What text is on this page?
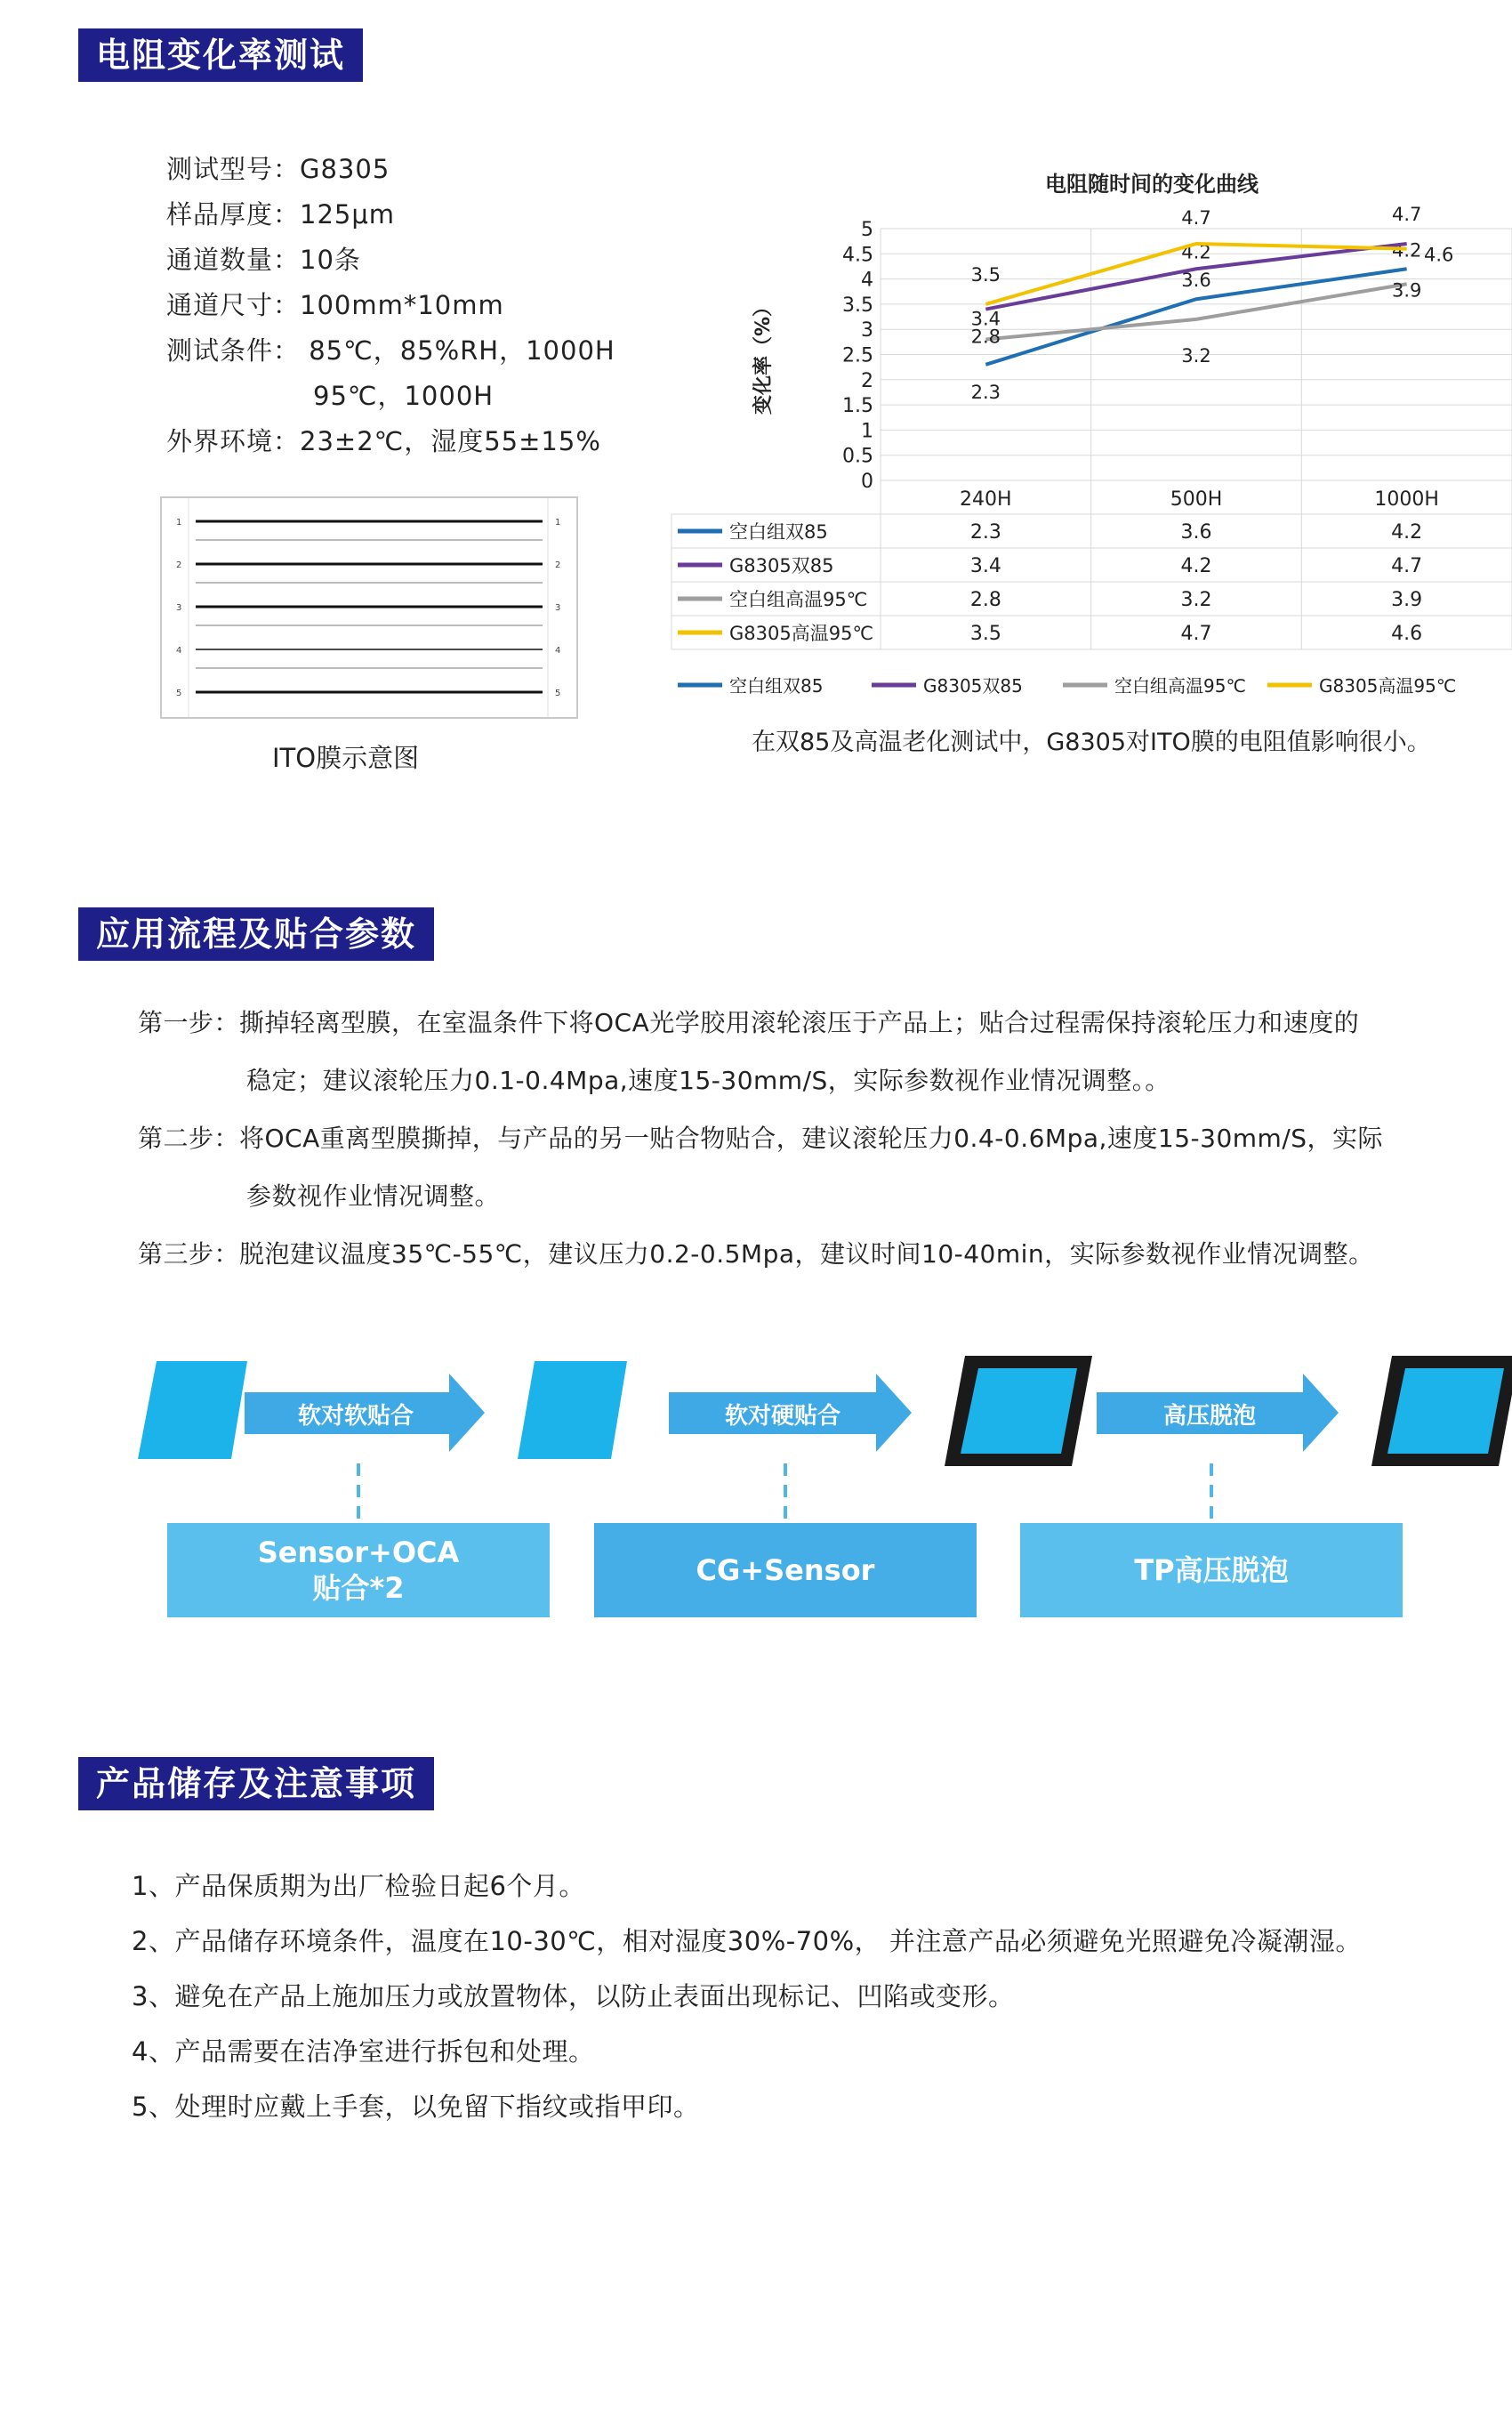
电阻变化率测试
测试型号：G8305
样品厚度：125μm
通道数量：10条
通道尺寸：100mm*10mm
测试条件： 85℃，85%RH，1000H
95℃，1000H
外界环境：23±2℃，湿度55±15%
1
2
3
4
5
1
2
3
4
5
ITO膜示意图
电阻随时间的变化曲线
0
0.5
1
1.5
2
2.5
3
3.5
4
4.5
5
变化率（%）
240H	500H	1000H
空白组双85	2.3	3.6	4.2
G8305双85	3.4	4.2	4.7
空白组高温95℃	2.8	3.2	3.9
G8305高温95℃	3.5	4.7	4.6
2.3
3.6
4.2
3.4
4.2
4.7
2.8
3.2
3.9
3.5
4.7
4.6
空白组双85	G8305双85	空白组高温95℃	G8305高温95℃
在双85及高温老化测试中，G8305对ITO膜的电阻值影响很小。
应用流程及贴合参数
第一步：撕掉轻离型膜，在室温条件下将OCA光学胶用滚轮滚压于产品上；贴合过程需保持滚轮压力和速度的
稳定；建议滚轮压力0.1-0.4Mpa,速度15-30mm/S，实际参数视作业情况调整。。
第二步：将OCA重离型膜撕掉，与产品的另一贴合物贴合，建议滚轮压力0.4-0.6Mpa,速度15-30mm/S，实际
参数视作业情况调整。
第三步：脱泡建议温度35℃-55℃，建议压力0.2-0.5Mpa，建议时间10-40min，实际参数视作业情况调整。
软对软贴合	软对硬贴合	高压脱泡
Sensor+OCA
贴合*2
CG+Sensor	TP高压脱泡
产品储存及注意事项
1、产品保质期为出厂检验日起6个月。
2、产品储存环境条件，温度在10-30℃，相对湿度30%-70%， 并注意产品必须避免光照避免冷凝潮湿。
3、避免在产品上施加压力或放置物体，以防止表面出现标记、凹陷或变形。
4、产品需要在洁净室进行拆包和处理。
5、处理时应戴上手套，以免留下指纹或指甲印。
